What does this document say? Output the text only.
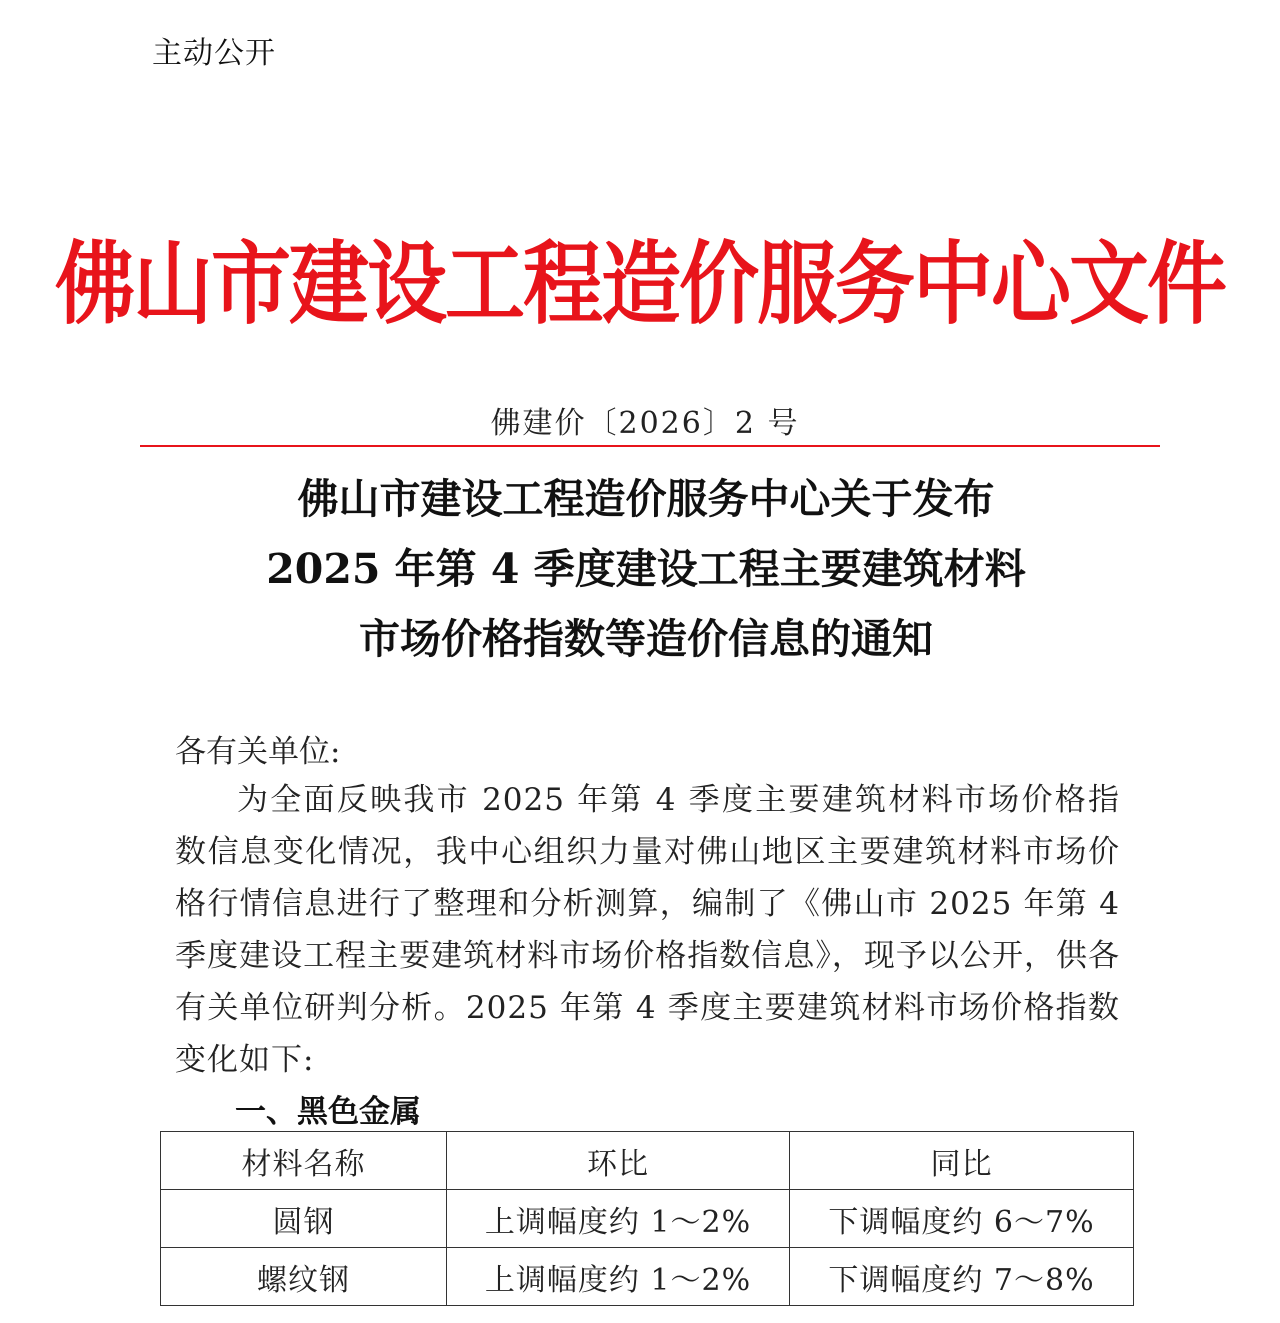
主动公开
佛山市建设工程造价服务中心文件
佛建价〔2026〕2 号
佛山市建设工程造价服务中心关于发布
2025 年第 4 季度建设工程主要建筑材料
市场价格指数等造价信息的通知
各有关单位:
为全面反映我市 2025 年第 4 季度主要建筑材料市场价格指数信息变化情况，我中心组织力量对佛山地区主要建筑材料市场价格行情信息进行了整理和分析测算，编制了《佛山市 2025 年第 4 季度建设工程主要建筑材料市场价格指数信息》，现予以公开，供各有关单位研判分析。2025 年第 4 季度主要建筑材料市场价格指数变化如下:
一、黑色金属
材料名称	环比	同比
圆钢	上调幅度约 1～2%	下调幅度约 6～7%
螺纹钢	上调幅度约 1～2%	下调幅度约 7～8%
